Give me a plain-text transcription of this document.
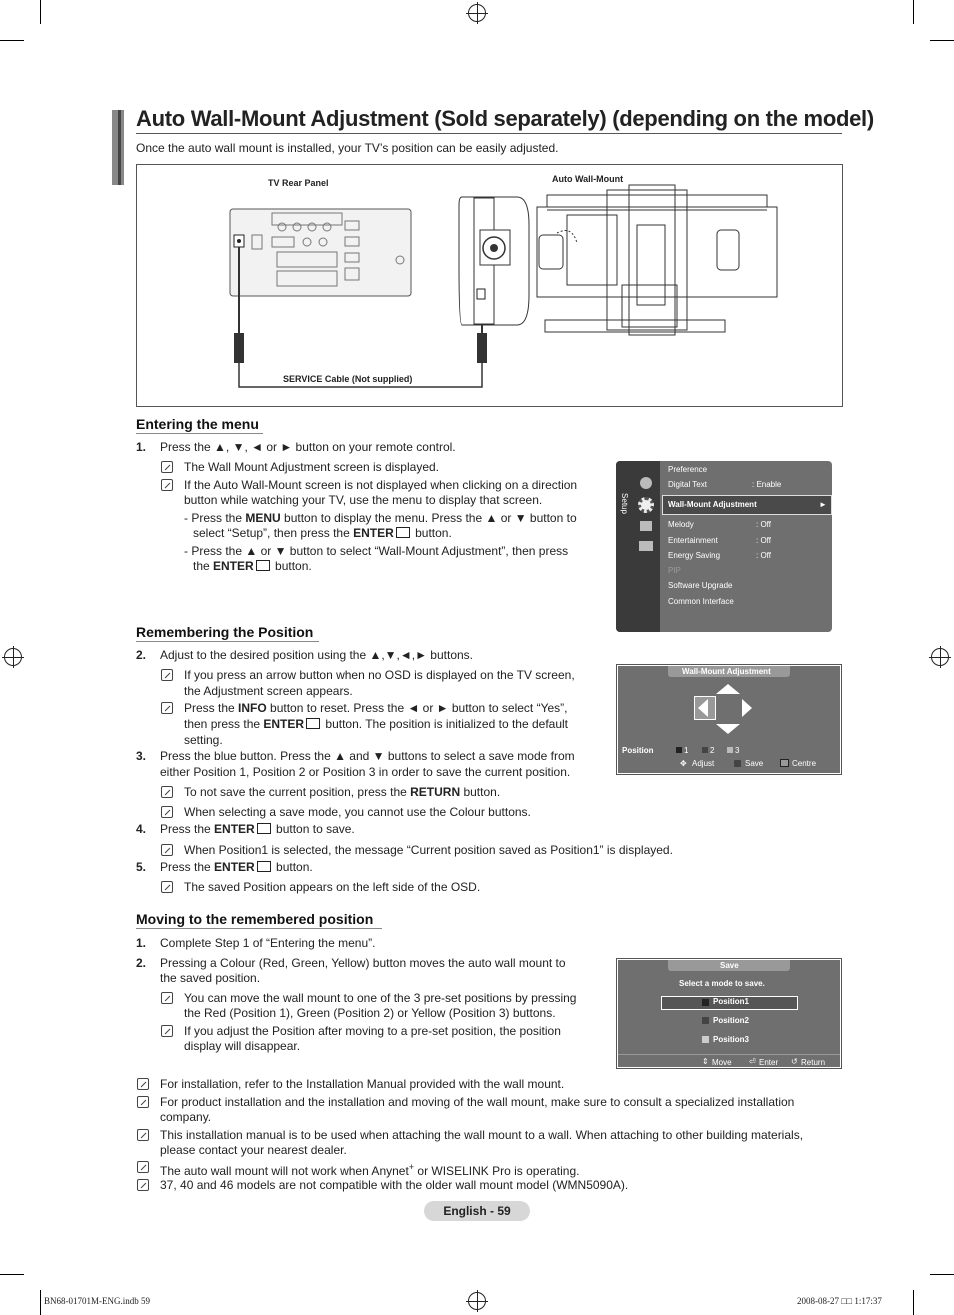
Auto Wall-Mount Adjustment (Sold separately) (depending on the model)
Once the auto wall mount is installed, your TV’s position can be easily adjusted.
TV Rear Panel	Auto Wall-Mount
SERVICE Cable (Not supplied)
Entering the menu
1. Press the ▲, ▼, ◄ or ► button on your remote control.
The Wall Mount Adjustment screen is displayed.
If the Auto Wall-Mount screen is not displayed when clicking on a direction
button while watching your TV, use the menu to display that screen.
- Press the MENU button to display the menu. Press the ▲ or ▼ button to
select “Setup”, then press the ENTER button.
- Press the ▲ or ▼ button to select “Wall-Mount Adjustment”, then press
the ENTER button.
Setup
Preference
Digital Text	: Enable
Wall-Mount Adjustment	►
Melody	: Off
Entertainment	: Off
Energy Saving	: Off
PIP
Software Upgrade
Common Interface
Remembering the Position
2. Adjust to the desired position using the ▲,▼,◄,► buttons.
If you press an arrow button when no OSD is displayed on the TV screen,
the Adjustment screen appears.
Press the INFO button to reset. Press the ◄ or ► button to select “Yes”,
then press the ENTER button. The position is initialized to the default
setting.
3. Press the blue button. Press the ▲ and ▼ buttons to select a save mode from
either Position 1, Position 2 or Position 3 in order to save the current position.
To not save the current position, press the RETURN button.
When selecting a save mode, you cannot use the Colour buttons.
4. Press the ENTER button to save.
When Position1 is selected, the message “Current position saved as Position1” is displayed.
5. Press the ENTER button.
The saved Position appears on the left side of the OSD.
Wall-Mount Adjustment
Position	1	2	3
✥ Adjust	Save	Centre
Moving to the remembered position
1. Complete Step 1 of “Entering the menu”.
2. Pressing a Colour (Red, Green, Yellow) button moves the auto wall mount to
the saved position.
You can move the wall mount to one of the 3 pre-set positions by pressing
the Red (Position 1), Green (Position 2) or Yellow (Position 3) buttons.
If you adjust the Position after moving to a pre-set position, the position
display will disappear.
Save
Select a mode to save.
Position1
Position2
Position3
⇕ Move ⏎ Enter ↺ Return
For installation, refer to the Installation Manual provided with the wall mount.
For product installation and the installation and moving of the wall mount, make sure to consult a specialized installation
company.
This installation manual is to be used when attaching the wall mount to a wall. When attaching to other building materials,
please contact your nearest dealer.
The auto wall mount will not work when Anynet+ or WISELINK Pro is operating.
37, 40 and 46 models are not compatible with the older wall mount model (WMN5090A).
English - 59
BN68-01701M-ENG.indb 59	2008-08-27 □□ 1:17:37
